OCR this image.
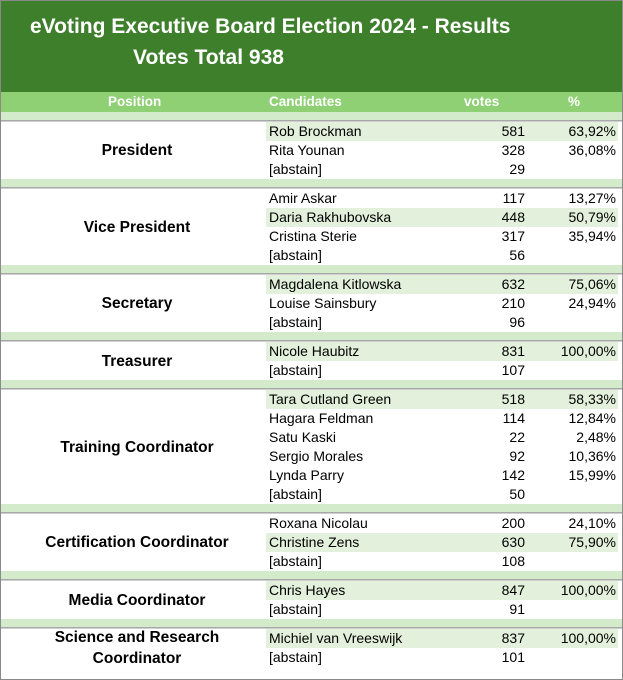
eVoting Executive Board Election 2024 - Results
Votes Total 938
Position	Candidates	votes	%
President
Rob Brockman	581	63,92%
Rita Younan	328	36,08%
[abstain]	29
Vice President
Amir Askar	117	13,27%
Daria Rakhubovska	448	50,79%
Cristina Sterie	317	35,94%
[abstain]	56
Secretary
Magdalena Kitlowska	632	75,06%
Louise Sainsbury	210	24,94%
[abstain]	96
Treasurer
Nicole Haubitz	831	100,00%
[abstain]	107
Training Coordinator
Tara Cutland Green	518	58,33%
Hagara Feldman	114	12,84%
Satu Kaski	22	2,48%
Sergio Morales	92	10,36%
Lynda Parry	142	15,99%
[abstain]	50
Certification Coordinator
Roxana Nicolau	200	24,10%
Christine Zens	630	75,90%
[abstain]	108
Media Coordinator
Chris Hayes	847	100,00%
[abstain]	91
Science and Research Coordinator
Michiel van Vreeswijk	837	100,00%
[abstain]	101
